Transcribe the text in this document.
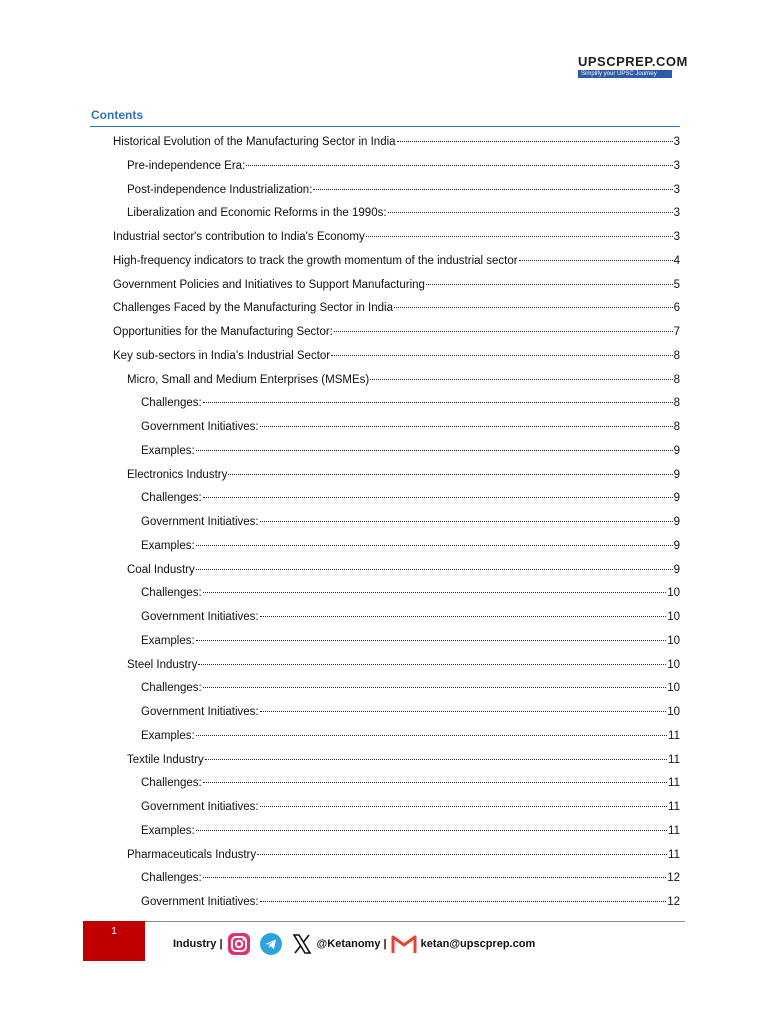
UPSCPREP.COM
Simplify your UPSC Journey
Contents
Historical Evolution of the Manufacturing Sector in India	3
Pre-independence Era:	3
Post-independence Industrialization:	3
Liberalization and Economic Reforms in the 1990s:	3
Industrial sector's contribution to India's Economy	3
High-frequency indicators to track the growth momentum of the industrial sector	4
Government Policies and Initiatives to Support Manufacturing	5
Challenges Faced by the Manufacturing Sector in India	6
Opportunities for the Manufacturing Sector:	7
Key sub-sectors in India’s Industrial Sector	8
Micro, Small and Medium Enterprises (MSMEs)	8
Challenges:	8
Government Initiatives:	8
Examples:	9
Electronics Industry	9
Challenges:	9
Government Initiatives:	9
Examples:	9
Coal Industry	9
Challenges:	10
Government Initiatives:	10
Examples:	10
Steel Industry	10
Challenges:	10
Government Initiatives:	10
Examples:	11
Textile Industry	11
Challenges:	11
Government Initiatives:	11
Examples:	11
Pharmaceuticals Industry	11
Challenges:	12
Government Initiatives:	12
1
Industry |	@Ketanomy |	ketan@upscprep.com
